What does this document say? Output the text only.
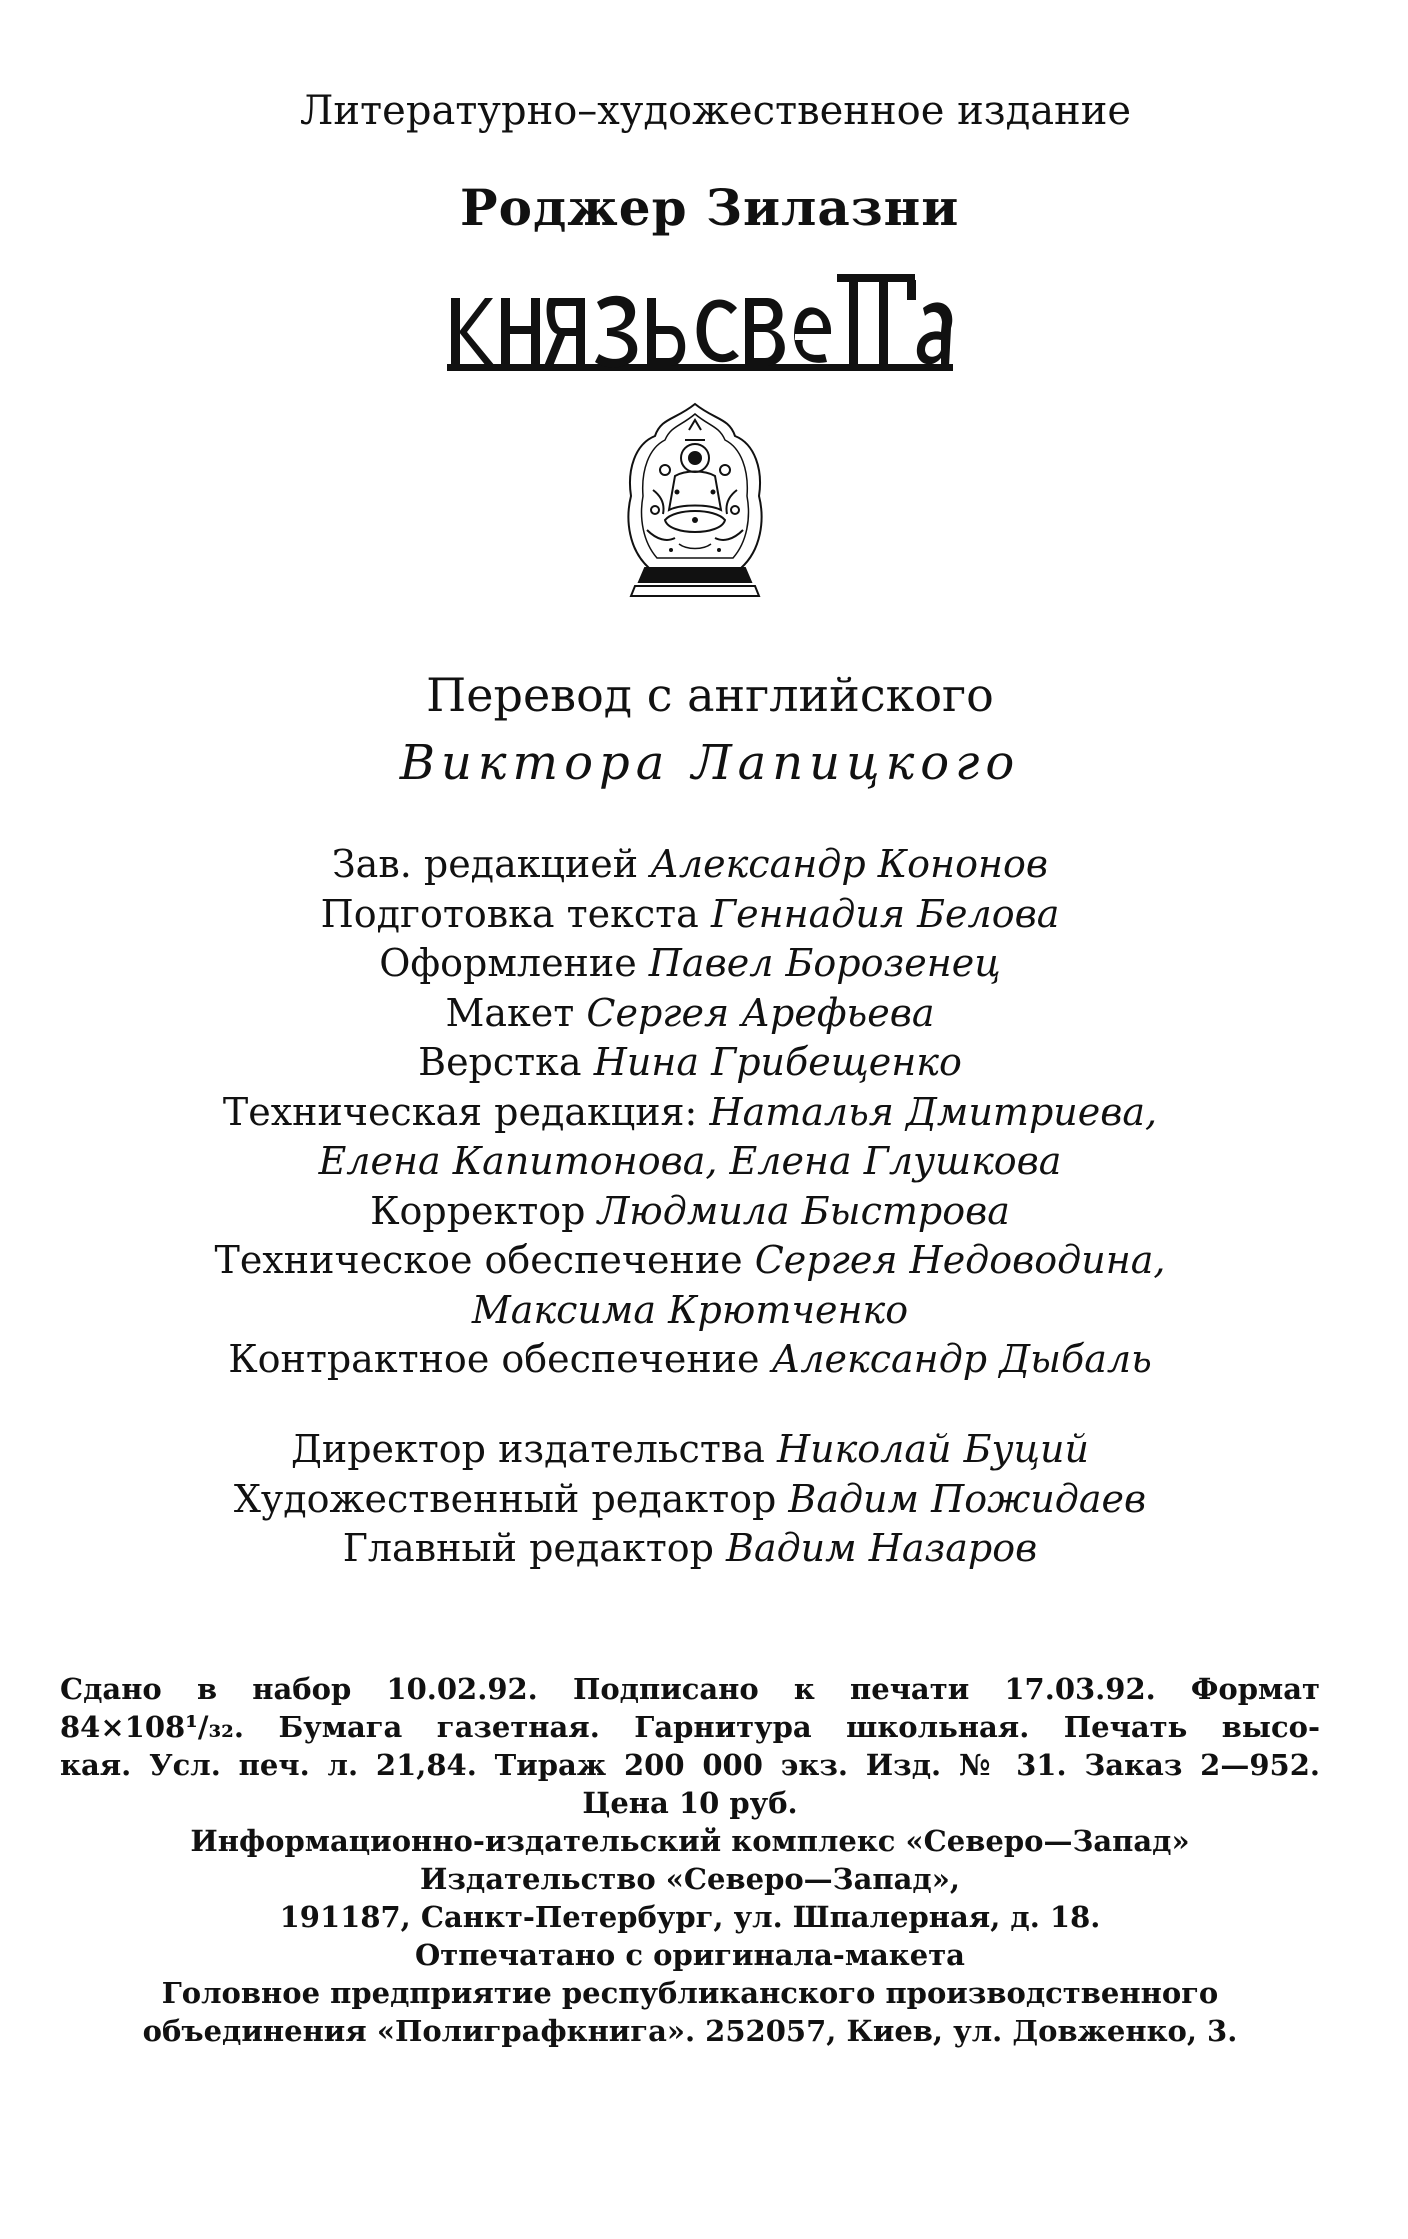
Литературно–художественное издание
Роджер Зилазни
Перевод с английского
Виктора Лапицкого
Зав. редакцией Александр Кононов
Подготовка текста Геннадия Белова
Оформление Павел Борозенец
Макет Сергея Арефьева
Верстка Нина Грибещенко
Техническая редакция: Наталья Дмитриева,
Елена Капитонова, Елена Глушкова
Корректор Людмила Быстрова
Техническое обеспечение Сергея Недоводина,
Максима Крютченко
Контрактное обеспечение Александр Дыбаль
Директор издательства Николай Буций
Художественный редактор Вадим Пожидаев
Главный редактор Вадим Назаров
Сдано в набор 10.02.92. Подписано к печати 17.03.92. Формат
84×108¹/₃₂. Бумага газетная. Гарнитура школьная. Печать высо-
кая. Усл. печ. л. 21,84. Тираж 200 000 экз. Изд. № 31. Заказ 2—952.
Цена 10 руб.
Информационно-издательский комплекс «Северо—Запад»
Издательство «Северо—Запад»,
191187, Санкт-Петербург, ул. Шпалерная, д. 18.
Отпечатано с оригинала-макета
Головное предприятие республиканского производственного
объединения «Полиграфкнига». 252057, Киев, ул. Довженко, 3.
